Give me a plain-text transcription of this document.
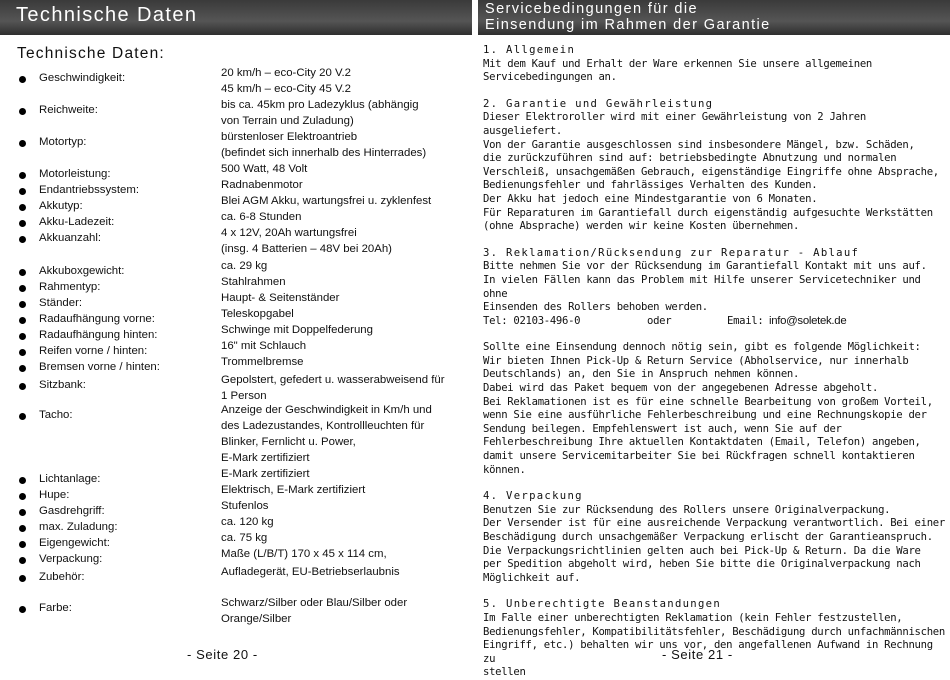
Technische Daten	Servicebedingungen für die
Einsendung im Rahmen der Garantie
Technische Daten:
Geschwindigkeit:	20 km/h – eco-City 20 V.2
45 km/h – eco-City 45 V.2
Reichweite:	bis ca. 45km pro Ladezyklus (abhängig
von Terrain und Zuladung)
Motortyp:	bürstenloser Elektroantrieb
(befindet sich innerhalb des Hinterrades)
Motorleistung:	500 Watt, 48 Volt
Endantriebssystem:	Radnabenmotor
Akkutyp:	Blei AGM Akku, wartungsfrei u. zyklenfest
Akku-Ladezeit:	ca. 6-8 Stunden
Akkuanzahl:	4 x 12V, 20Ah wartungsfrei
(insg. 4 Batterien – 48V bei 20Ah)
Akkuboxgewicht:	ca. 29 kg
Rahmentyp:	Stahlrahmen
Ständer:	Haupt- & Seitenständer
Radaufhängung vorne:	Teleskopgabel
Radaufhängung hinten:	Schwinge mit Doppelfederung
Reifen vorne / hinten:	16" mit Schlauch
Bremsen vorne / hinten:	Trommelbremse
Sitzbank:	Gepolstert, gefedert u. wasserabweisend für
1 Person
Tacho:	Anzeige der Geschwindigkeit in Km/h und
des Ladezustandes, Kontrollleuchten für
Blinker, Fernlicht u. Power,
E-Mark zertifiziert
Lichtanlage:	E-Mark zertifiziert
Hupe:	Elektrisch, E-Mark zertifiziert
Gasdrehgriff:	Stufenlos
max. Zuladung:	ca. 120 kg
Eigengewicht:	ca. 75 kg
Verpackung:	Maße (L/B/T) 170 x 45 x 114 cm,
Zubehör:	Aufladegerät, EU-Betriebserlaubnis
Farbe:	Schwarz/Silber oder Blau/Silber oder
Orange/Silber
1. Allgemein
Mit dem Kauf und Erhalt der Ware erkennen Sie unsere allgemeinen
Servicebedingungen an.
2. Garantie und Gewährleistung
Dieser Elektroroller wird mit einer Gewährleistung von 2 Jahren ausgeliefert.
Von der Garantie ausgeschlossen sind insbesondere Mängel, bzw. Schäden,
die zurückzuführen sind auf: betriebsbedingte Abnutzung und normalen
Verschleiß, unsachgemäßen Gebrauch, eigenständige Eingriffe ohne Absprache,
Bedienungsfehler und fahrlässiges Verhalten des Kunden.
Der Akku hat jedoch eine Mindestgarantie von 6 Monaten.
Für Reparaturen im Garantiefall durch eigenständig aufgesuchte Werkstätten
(ohne Absprache) werden wir keine Kosten übernehmen.
3. Reklamation/Rücksendung zur Reparatur - Ablauf
Bitte nehmen Sie vor der Rücksendung im Garantiefall Kontakt mit uns auf.
In vielen Fällen kann das Problem mit Hilfe unserer Servicetechniker und ohne
Einsenden des Rollers behoben werden.
Tel: 02103-496-0	oder	Email: info@soletek.de
Sollte eine Einsendung dennoch nötig sein, gibt es folgende Möglichkeit:
Wir bieten Ihnen Pick-Up & Return Service (Abholservice, nur innerhalb
Deutschlands) an, den Sie in Anspruch nehmen können.
Dabei wird das Paket bequem von der angegebenen Adresse abgeholt.
Bei Reklamationen ist es für eine schnelle Bearbeitung von großem Vorteil,
wenn Sie eine ausführliche Fehlerbeschreibung und eine Rechnungskopie der
Sendung beilegen. Empfehlenswert ist auch, wenn Sie auf der
Fehlerbeschreibung Ihre aktuellen Kontaktdaten (Email, Telefon) angeben,
damit unsere Servicemitarbeiter Sie bei Rückfragen schnell kontaktieren können.
4. Verpackung
Benutzen Sie zur Rücksendung des Rollers unsere Originalverpackung.
Der Versender ist für eine ausreichende Verpackung verantwortlich. Bei einer
Beschädigung durch unsachgemäßer Verpackung erlischt der Garantieanspruch.
Die Verpackungsrichtlinien gelten auch bei Pick-Up & Return. Da die Ware
per Spedition abgeholt wird, heben Sie bitte die Originalverpackung nach
Möglichkeit auf.
5. Unberechtigte Beanstandungen
Im Falle einer unberechtigten Reklamation (kein Fehler festzustellen,
Bedienungsfehler, Kompatibilitätsfehler, Beschädigung durch unfachmännischen
Eingriff, etc.) behalten wir uns vor, den angefallenen Aufwand in Rechnung zu
stellen
- Seite 20 -	- Seite 21 -
